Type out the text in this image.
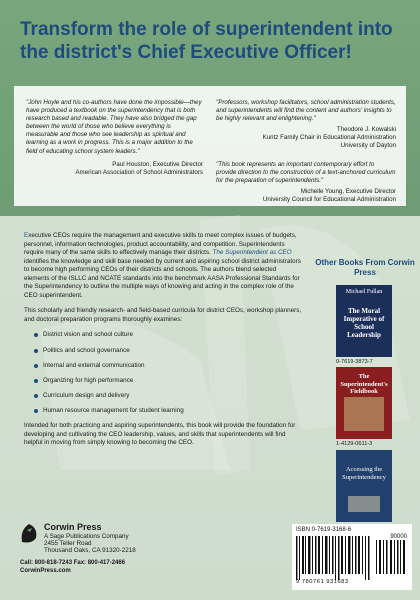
Transform the role of superintendent into the district's Chief Executive Officer!
"John Hoyle and his co-authors have done the impossible—they have produced a textbook on the superintendency that is both research based and readable. They have also bridged the gap between the world of those who believe everything is measurable and those who see leadership as spiritual and learning as a work in progress. This is a major addition to the field of educating school system leaders."
Paul Houston, Executive Director
American Association of School Administrators
"Professors, workshop facilitators, school administration students, and superintendents will find the content and authors' insights to be highly relevant and enlightening."
Theodore J. Kowalski
Kuntz Family Chair in Educational Administration
University of Dayton
"This book represents an important contemporary effort to provide direction to the construction of a text-anchored curriculum for the preparation of superintendents."
Michelle Young, Executive Director
University Council for Educational Administration

Executive CEOs require the management and executive skills to meet complex issues of budgets, personnel, information technologies, product accountability, and competition. Superintendents require many of the same skills to effectively manage their districts. The Superintendent as CEO identifies the knowledge and skill base needed by current and aspiring school district administrators to become high performing CEOs of their districts and schools. The authors blend selected elements of the ISLLC and NCATE standards into the benchmark AASA Professional Standards for the Superintendency to outline the multiple ways of knowing and acting in the complex role of the CEO superintendent.

This scholarly and friendly research- and field-based curricula for district CEOs, workshop planners, and doctoral preparation programs thoroughly examines:

District vision and school culture
Politics and school governance
Internal and external communication
Organizing for high performance
Curriculum design and delivery
Human resource management for student learning

Intended for both practicing and aspiring superintendents, this book will provide the foundation for developing and cultivating the CEO leadership, values, and skills that superintendents will find helpful in moving from simply knowing to becoming the CEO.

Other Books From Corwin Press
Michael Fullan
The Moral Imperative of School Leadership
0-7619-3873-7
The Superintendent's Fieldbook
1-4129-0611-3
Accessing the Superintendency
Corwin Press
A Sage Publications Company
2455 Teller Road
Thousand Oaks, CA 91320-2218
Call: 800-818-7243 Fax: 800-417-2466
CorwinPress.com
ISBN 0-7619-3168-6
90000
9 780761 931683
